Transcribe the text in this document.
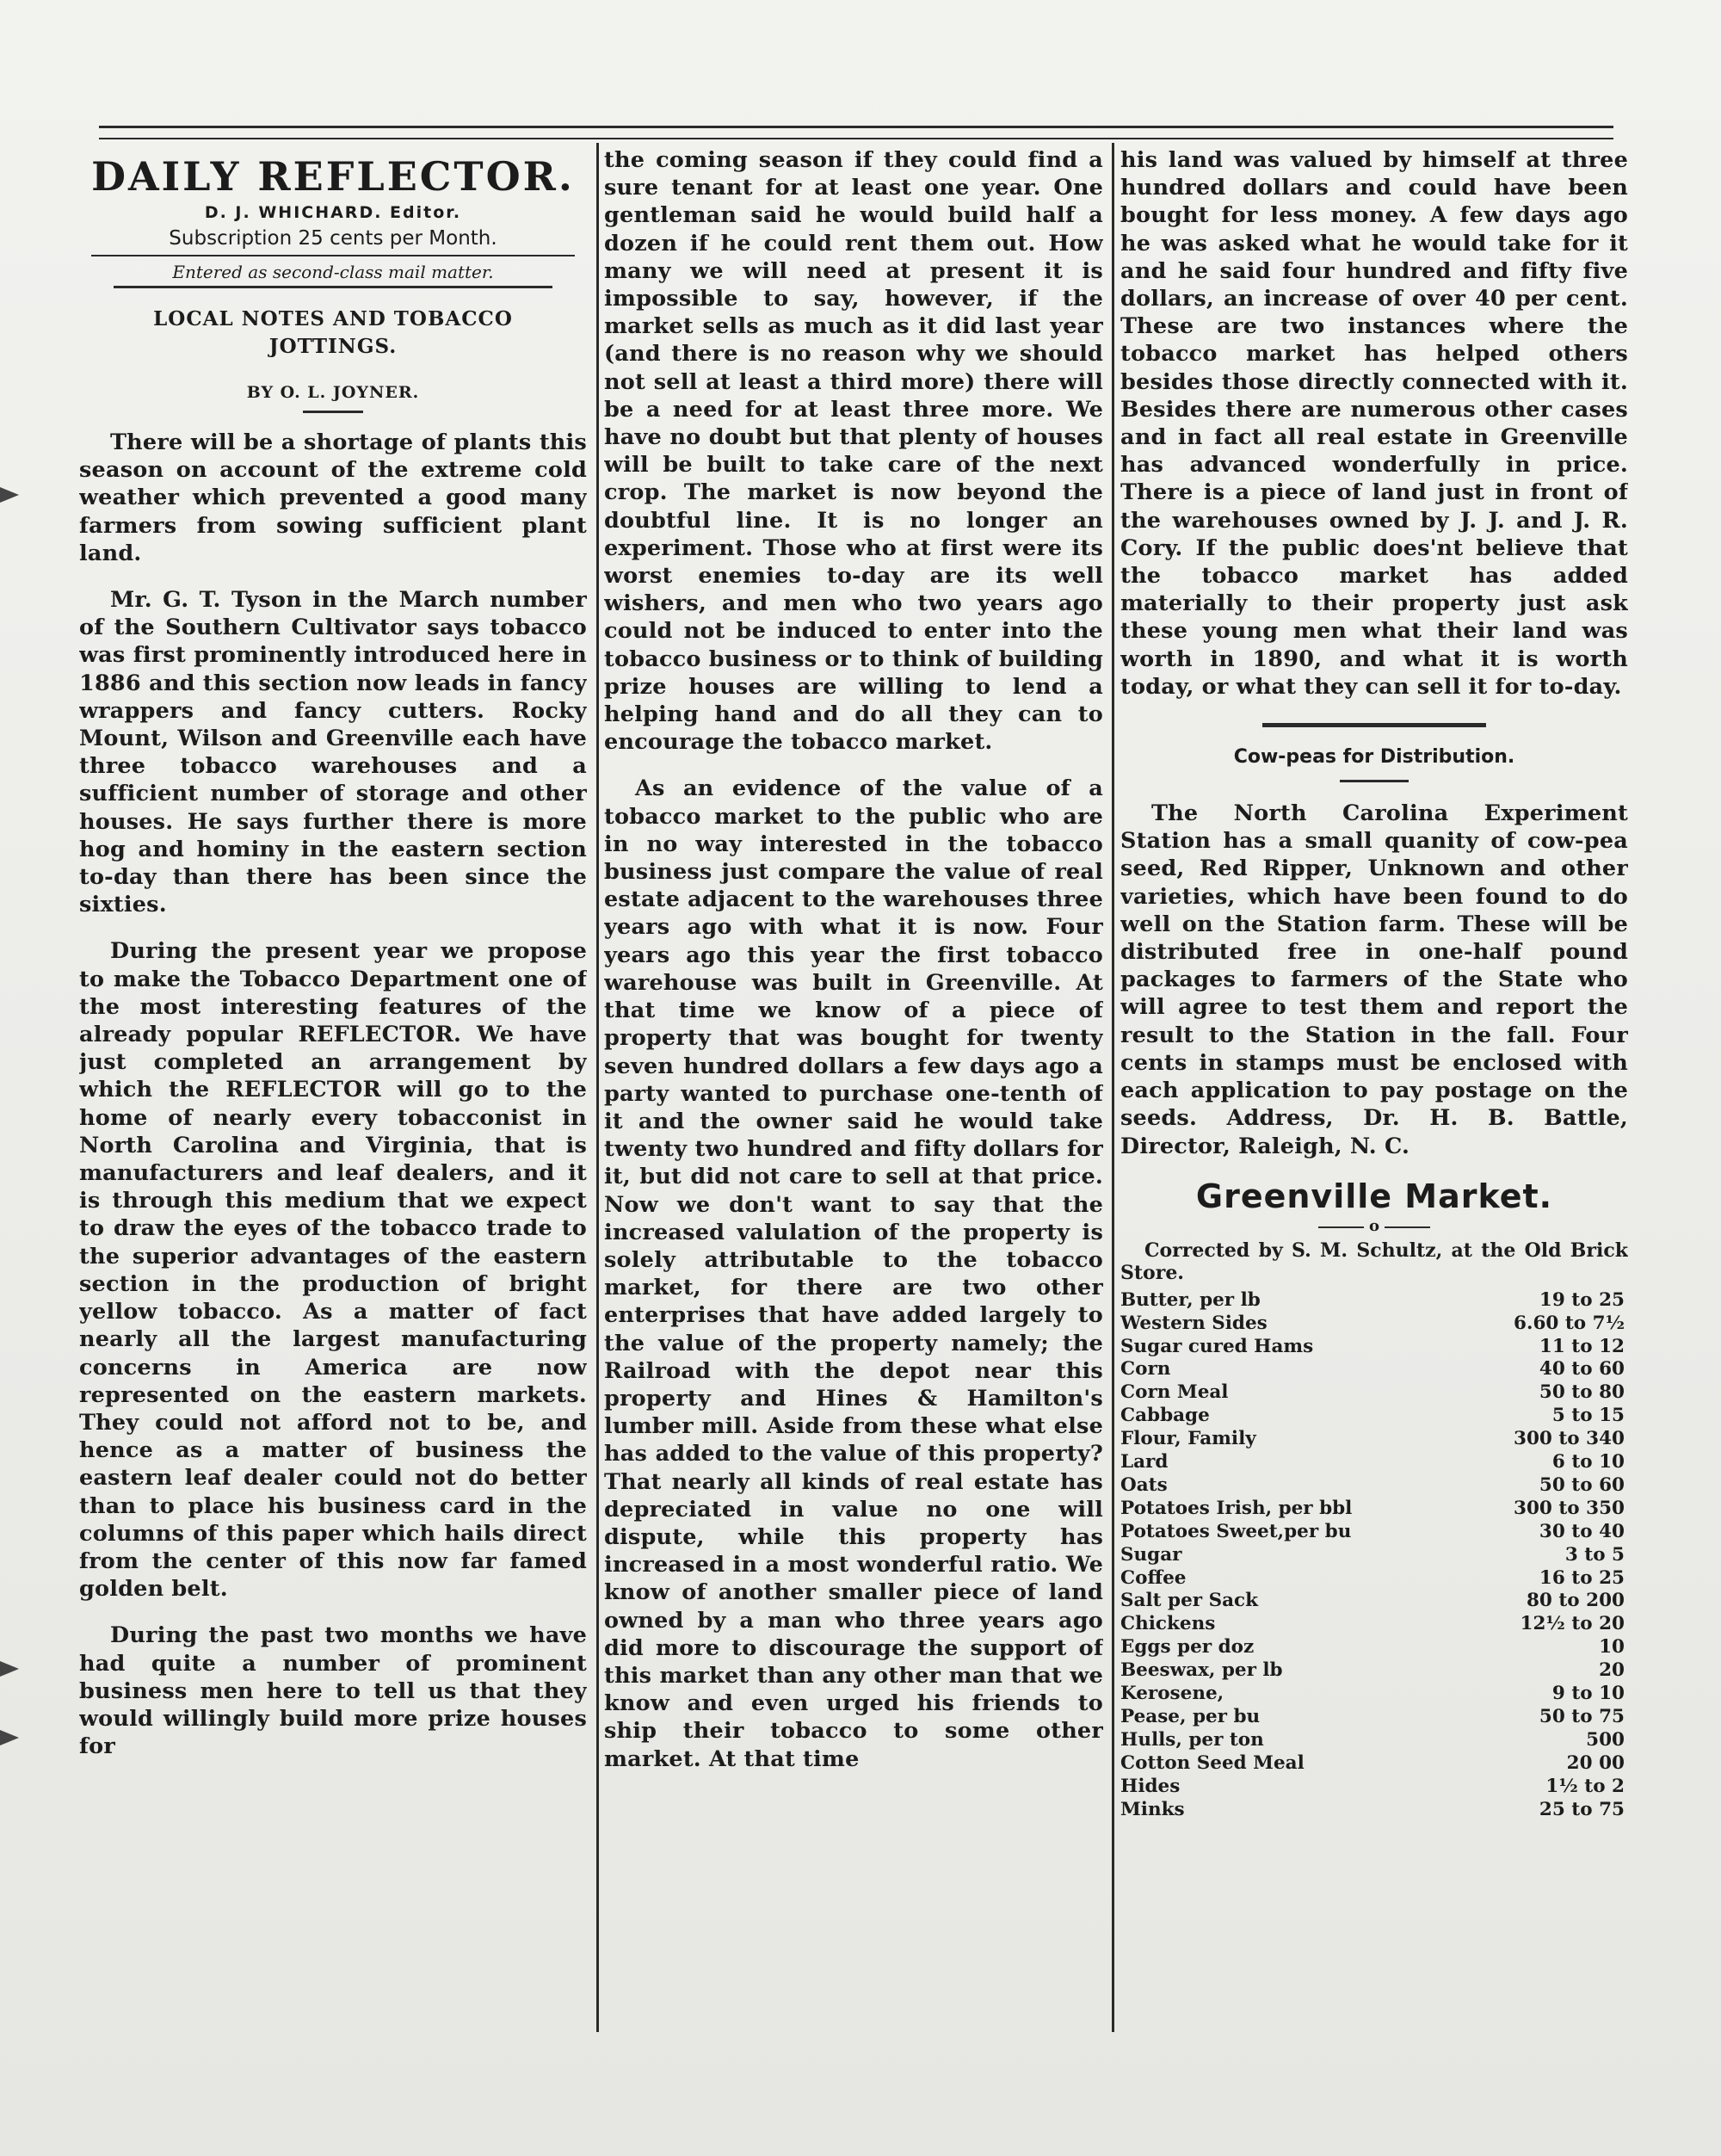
DAILY REFLECTOR.
D. J. WHICHARD. Editor.
Subscription 25 cents per Month.
Entered as second-class mail matter.
LOCAL NOTES AND TOBACCO
JOTTINGS.
BY O. L. JOYNER.

There will be a shortage of plants this season on account of the extreme cold weather which prevented a good many farmers from sowing sufficient plant land.

Mr. G. T. Tyson in the March number of the Southern Cultivator says tobacco was first prominently introduced here in 1886 and this section now leads in fancy wrappers and fancy cutters. Rocky Mount, Wilson and Greenville each have three tobacco warehouses and a sufficient number of storage and other houses. He says further there is more hog and hominy in the eastern section to-day than there has been since the sixties.

During the present year we propose to make the Tobacco Department one of the most interesting features of the already popular REFLECTOR. We have just completed an arrangement by which the REFLECTOR will go to the home of nearly every tobacconist in North Carolina and Virginia, that is manufacturers and leaf dealers, and it is through this medium that we expect to draw the eyes of the tobacco trade to the superior advantages of the eastern section in the production of bright yellow tobacco. As a matter of fact nearly all the largest manufacturing concerns in America are now represented on the eastern markets. They could not afford not to be, and hence as a matter of business the eastern leaf dealer could not do better than to place his business card in the columns of this paper which hails direct from the center of this now far famed golden belt.

During the past two months we have had quite a number of prominent business men here to tell us that they would willingly build more prize houses for

the coming season if they could find a sure tenant for at least one year. One gentleman said he would build half a dozen if he could rent them out. How many we will need at present it is impossible to say, however, if the market sells as much as it did last year (and there is no reason why we should not sell at least a third more) there will be a need for at least three more. We have no doubt but that plenty of houses will be built to take care of the next crop. The market is now beyond the doubtful line. It is no longer an experiment. Those who at first were its worst enemies to-day are its well wishers, and men who two years ago could not be induced to enter into the tobacco business or to think of building prize houses are willing to lend a helping hand and do all they can to encourage the tobacco market.

As an evidence of the value of a tobacco market to the public who are in no way interested in the tobacco business just compare the value of real estate adjacent to the warehouses three years ago with what it is now. Four years ago this year the first tobacco warehouse was built in Greenville. At that time we know of a piece of property that was bought for twenty seven hundred dollars a few days ago a party wanted to purchase one-tenth of it and the owner said he would take twenty two hundred and fifty dollars for it, but did not care to sell at that price. Now we don't want to say that the increased valulation of the property is solely attributable to the tobacco market, for there are two other enterprises that have added largely to the value of the property namely; the Railroad with the depot near this property and Hines & Hamilton's lumber mill. Aside from these what else has added to the value of this property? That nearly all kinds of real estate has depreciated in value no one will dispute, while this property has increased in a most wonderful ratio. We know of another smaller piece of land owned by a man who three years ago did more to discourage the support of this market than any other man that we know and even urged his friends to ship their tobacco to some other market. At that time

his land was valued by himself at three hundred dollars and could have been bought for less money. A few days ago he was asked what he would take for it and he said four hundred and fifty five dollars, an increase of over 40 per cent. These are two instances where the tobacco market has helped others besides those directly connected with it. Besides there are numerous other cases and in fact all real estate in Greenville has advanced wonderfully in price. There is a piece of land just in front of the warehouses owned by J. J. and J. R. Cory. If the public does'nt believe that the tobacco market has added materially to their property just ask these young men what their land was worth in 1890, and what it is worth today, or what they can sell it for to-day.

Cow-peas for Distribution.

The North Carolina Experiment Station has a small quanity of cow-pea seed, Red Ripper, Unknown and other varieties, which have been found to do well on the Station farm. These will be distributed free in one-half pound packages to farmers of the State who will agree to test them and report the result to the Station in the fall. Four cents in stamps must be enclosed with each application to pay postage on the seeds. Address, Dr. H. B. Battle, Director, Raleigh, N. C.

Greenville Market.
o
Corrected by S. M. Schultz, at the Old Brick Store.
Butter, per lb	19 to 25
Western Sides	6.60 to 7½
Sugar cured Hams	11 to 12
Corn	40 to 60
Corn Meal	50 to 80
Cabbage	5 to 15
Flour, Family	300 to 340
Lard	6 to 10
Oats	50 to 60
Potatoes Irish, per bbl	300 to 350
Potatoes Sweet,per bu	30 to 40
Sugar	3 to 5
Coffee	16 to 25
Salt per Sack	80 to 200
Chickens	12½ to 20
Eggs per doz	10
Beeswax, per lb	20
Kerosene,	9 to 10
Pease, per bu	50 to 75
Hulls, per ton	500
Cotton Seed Meal	20 00
Hides	1½ to 2
Minks	25 to 75
